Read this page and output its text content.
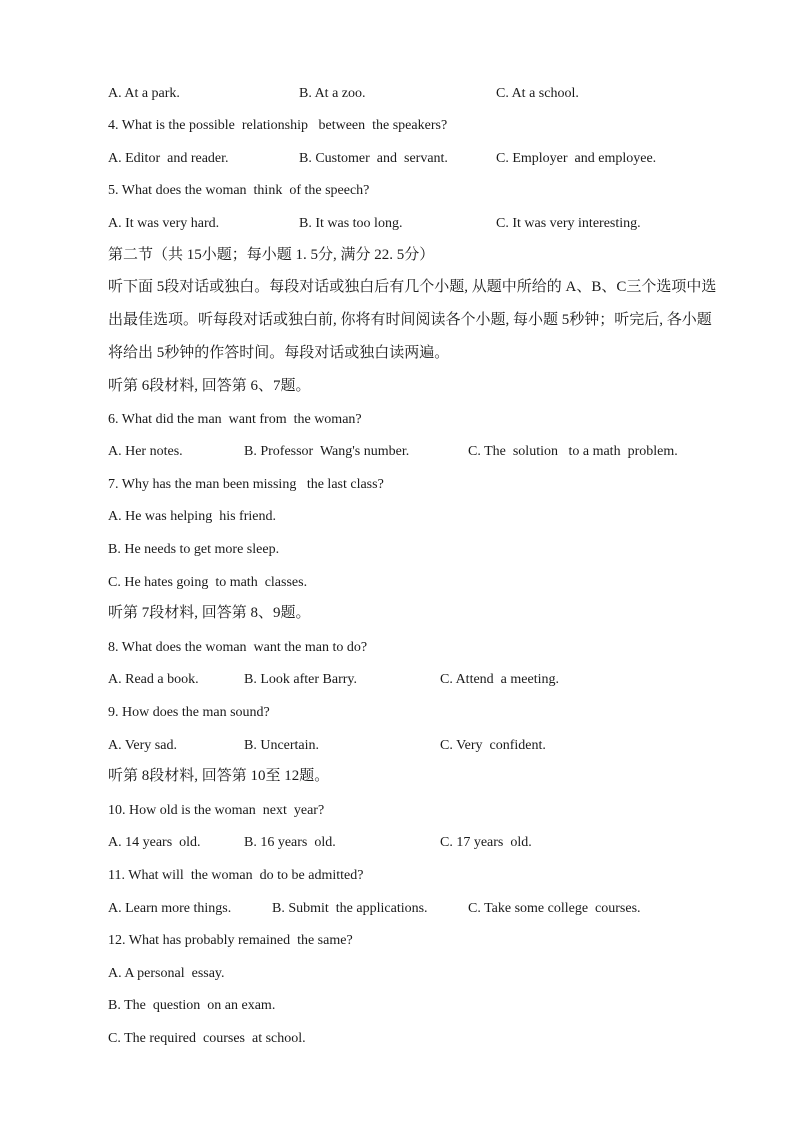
A. At a park.	B. At a zoo.	C. At a school.
4. What is the possible  relationship   between  the speakers?
A. Editor  and reader.	B. Customer  and  servant.	C. Employer  and employee.
5. What does the woman  think  of the speech?
A. It was very hard.	B. It was too long.	C. It was very interesting.
第二节（共 15小题；每小题 1. 5分, 满分 22. 5分）
听下面 5段对话或独白。每段对话或独白后有几个小题, 从题中所给的 A、B、C三个选项中选出最佳选项。听每段对话或独白前, 你将有时间阅读各个小题, 每小题 5秒钟；听完后, 各小题将给出 5秒钟的作答时间。每段对话或独白读两遍。
听第 6段材料, 回答第 6、7题。
6. What did the man  want from  the woman?
A. Her notes.	B. Professor  Wang's number.	C. The  solution   to a math  problem.
7. Why has the man been missing   the last class?
A. He was helping  his friend.
B. He needs to get more sleep.
C. He hates going  to math  classes.
听第 7段材料, 回答第 8、9题。
8. What does the woman  want the man to do?
A. Read a book.	B. Look after Barry.	C. Attend  a meeting.
9. How does the man sound?
A. Very sad.	B. Uncertain.	C. Very  confident.
听第 8段材料, 回答第 10至 12题。
10. How old is the woman  next  year?
A. 14 years  old.	B. 16 years  old.	C. 17 years  old.
11. What will  the woman  do to be admitted?
A. Learn more things.	B. Submit  the applications.	C. Take some college  courses.
12. What has probably remained  the same?
A. A personal  essay.
B. The  question  on an exam.
C. The required  courses  at school.
